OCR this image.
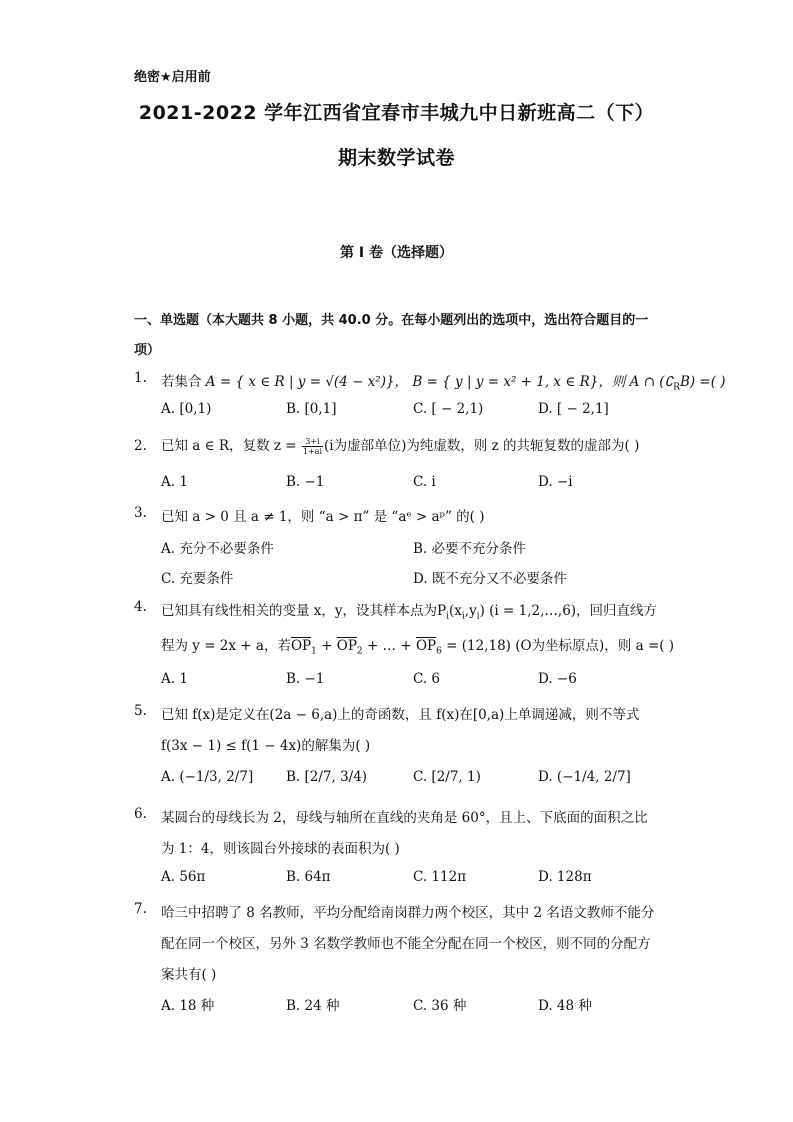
绝密★启用前
2021-2022 学年江西省宜春市丰城九中日新班高二（下）
期末数学试卷
第 I 卷（选择题）
一、单选题（本大题共 8 小题，共 40.0 分。在每小题列出的选项中，选出符合题目的一项）
1. 若集合 A = { x ∈ R | y = √(4 − x²)}， B = { y | y = x² + 1, x ∈ R}，则 A ∩ $(∁_RB)$ =( )
A. [0,1)	B. [0,1]	C. [ − 2,1)	D. [ − 2,1]
2. 已知 a ∈ R，复数 $z = \frac{3+i}{1+ai} (i$为虚部单位)为纯虚数，则 z 的共轭复数的虚部为( )
A. 1	B. −1	C. i	D. −i
3. 已知 a > 0 且 a ≠ 1，则 “a > π” 是 “aᵉ > aᵖ” 的( )
A. 充分不必要条件	B. 必要不充分条件
C. 充要条件	D. 既不充分又不必要条件
4. 已知具有线性相关的变量 x，y，设其样本点为$P_i(x_i,y_i) (i$ = 1,2,…,6)，回归直线方
程为 y = 2x + a，若$\overline{OP}_1 + \overline{OP}_2$ + … + $\overline{OP}_6 = (12,18)$ (O为坐标原点)，则 a =( )
A. 1	B. −1	C. 6	D. −6
5. 已知 f(x)是定义在(2a − 6,a)上的奇函数，且 f(x)在[0,a)上单调递减，则不等式
f(3x − 1) ≤ f(1 − 4x)的解集为( )
A. (−1/3, 2/7] B. [2/7, 3/4)	C. [2/7, 1)	D. (−1/4, 2/7]
6. 某圆台的母线长为 2，母线与轴所在直线的夹角是 60°，且上、下底面的面积之比
为 1：4，则该圆台外接球的表面积为( )
A. 56π	B. 64π	C. 112π	D. 128π
7. 哈三中招聘了 8 名教师，平均分配给南岗群力两个校区，其中 2 名语文教师不能分
配在同一个校区，另外 3 名数学教师也不能全分配在同一个校区，则不同的分配方
案共有( )
A. 18 种	B. 24 种	C. 36 种	D. 48 种
